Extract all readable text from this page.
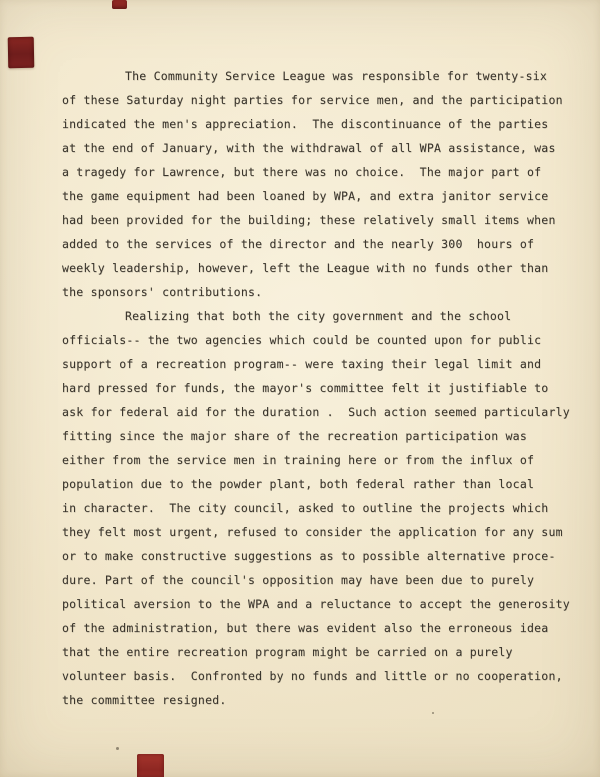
The Community Service League was responsible for twenty-six
of these Saturday night parties for service men, and the participation
indicated the men's appreciation.  The discontinuance of the parties
at the end of January, with the withdrawal of all WPA assistance, was
a tragedy for Lawrence, but there was no choice.  The major part of
the game equipment had been loaned by WPA, and extra janitor service
had been provided for the building; these relatively small items when
added to the services of the director and the nearly 300  hours of
weekly leadership, however, left the League with no funds other than
the sponsors' contributions.
Realizing that both the city government and the school
officials-- the two agencies which could be counted upon for public
support of a recreation program-- were taxing their legal limit and
hard pressed for funds, the mayor's committee felt it justifiable to
ask for federal aid for the duration .  Such action seemed particularly
fitting since the major share of the recreation participation was
either from the service men in training here or from the influx of
population due to the powder plant, both federal rather than local
in character.  The city council, asked to outline the projects which
they felt most urgent, refused to consider the application for any sum
or to make constructive suggestions as to possible alternative proce-
dure. Part of the council's opposition may have been due to purely
political aversion to the WPA and a reluctance to accept the generosity
of the administration, but there was evident also the erroneous idea
that the entire recreation program might be carried on a purely
volunteer basis.  Confronted by no funds and little or no cooperation,
the committee resigned.
